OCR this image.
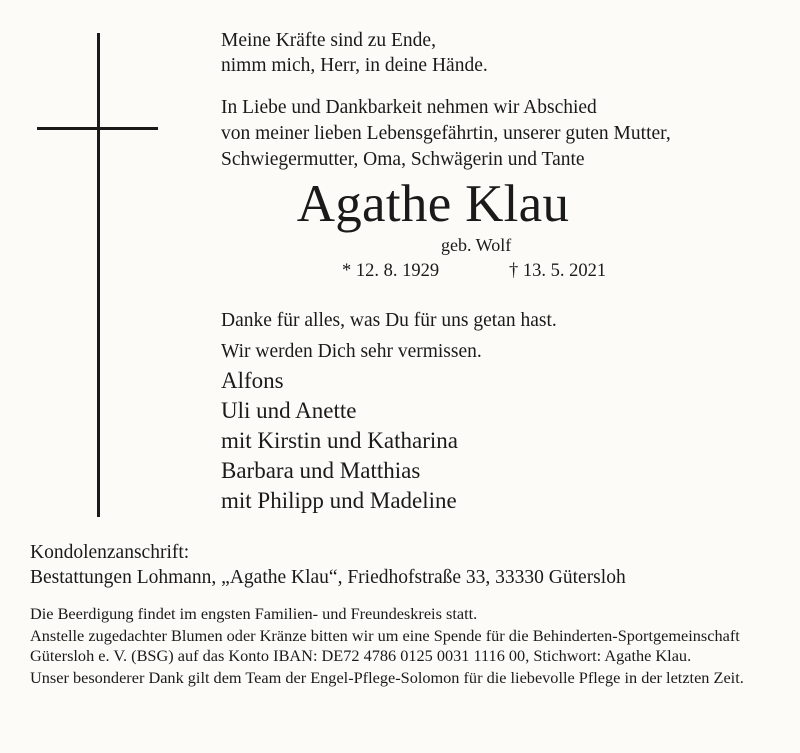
Meine Kräfte sind zu Ende,
nimm mich, Herr, in deine Hände.
In Liebe und Dankbarkeit nehmen wir Abschied
von meiner lieben Lebensgefährtin, unserer guten Mutter,
Schwiegermutter, Oma, Schwägerin und Tante
Agathe Klau
geb. Wolf
* 12. 8. 1929	† 13. 5. 2021
Danke für alles, was Du für uns getan hast.
Wir werden Dich sehr vermissen.
Alfons
Uli und Anette
mit Kirstin und Katharina
Barbara und Matthias
mit Philipp und Madeline
Kondolenzanschrift:
Bestattungen Lohmann, „Agathe Klau“, Friedhofstraße 33, 33330 Gütersloh

Die Beerdigung findet im engsten Familien- und Freundeskreis statt.

Anstelle zugedachter Blumen oder Kränze bitten wir um eine Spende für die Behinderten-Sportgemeinschaft Gütersloh e. V. (BSG) auf das Konto IBAN: DE72 4786 0125 0031 1116 00, Stichwort: Agathe Klau.

Unser besonderer Dank gilt dem Team der Engel-Pflege-Solomon für die liebevolle Pflege in der letzten Zeit.
